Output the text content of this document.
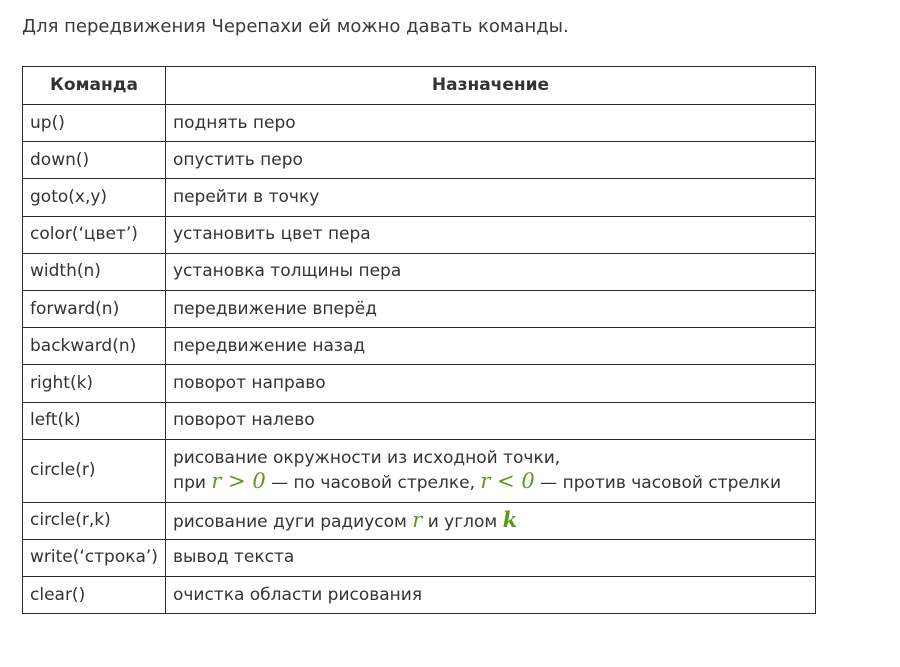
Для передвижения Черепахи ей можно давать команды.
Команда	Назначение
up()	поднять перо
down()	опустить перо
goto(x,y)	перейти в точку
color(‘цвет’)	установить цвет пера
width(n)	установка толщины пера
forward(n)	передвижение вперёд
backward(n)	передвижение назад
right(k)	поворот направо
left(k)	поворот налево
circle(r)	рисование окружности из исходной точки,
при r > 0 — по часовой стрелке, r < 0 — против часовой стрелки

circle(r,k)	рисование дуги радиусом r и углом k
write(‘строка’)	вывод текста
clear()	очистка области рисования
